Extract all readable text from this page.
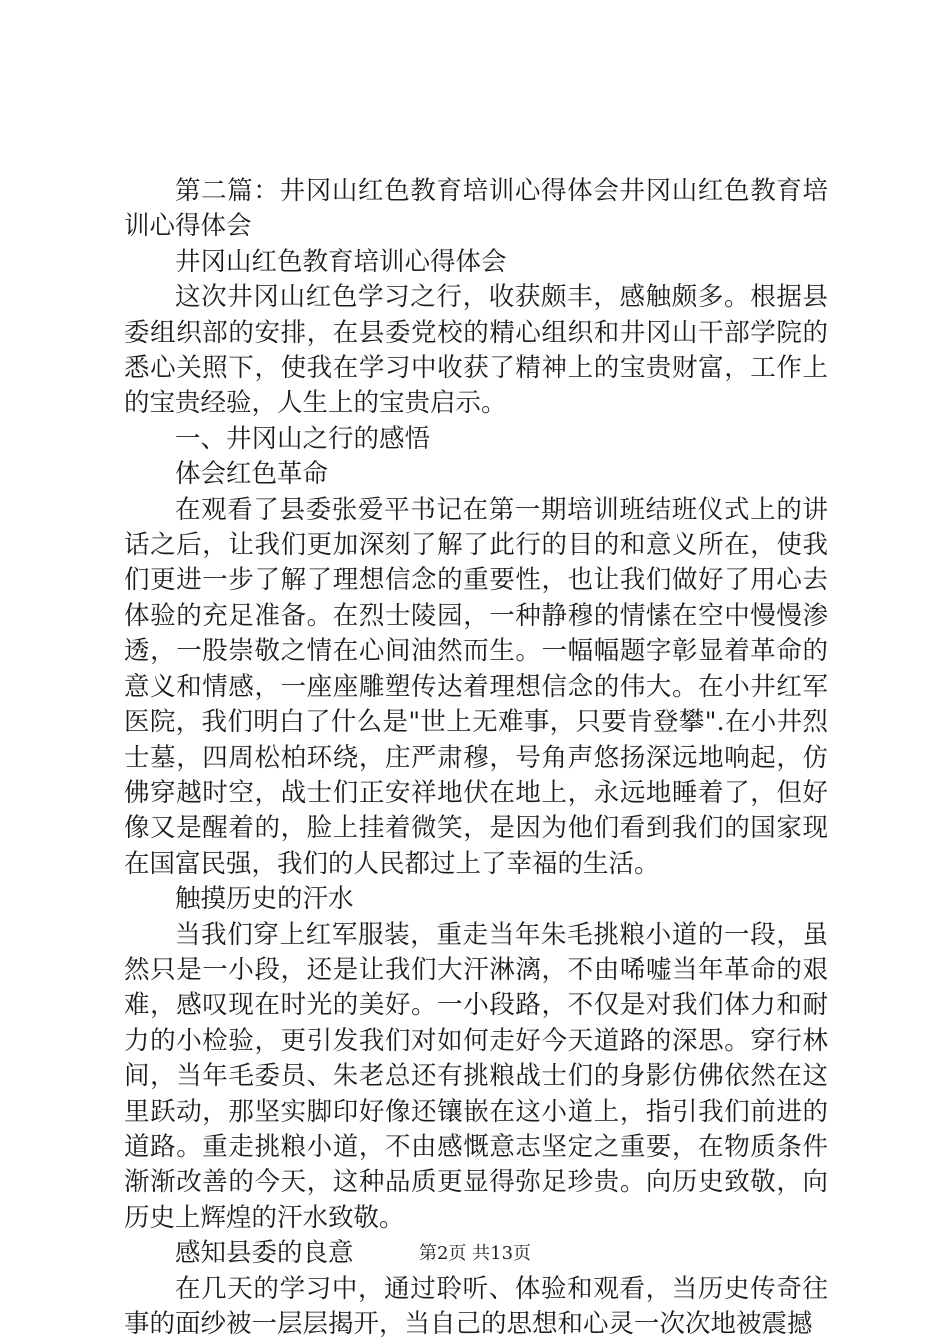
第二篇：井冈山红色教育培训心得体会井冈山红色教育培训心得体会

井冈山红色教育培训心得体会

这次井冈山红色学习之行，收获颇丰，感触颇多。根据县委组织部的安排，在县委党校的精心组织和井冈山干部学院的悉心关照下，使我在学习中收获了精神上的宝贵财富，工作上的宝贵经验，人生上的宝贵启示。

一、井冈山之行的感悟

体会红色革命

在观看了县委张爱平书记在第一期培训班结班仪式上的讲话之后，让我们更加深刻了解了此行的目的和意义所在，使我们更进一步了解了理想信念的重要性，也让我们做好了用心去体验的充足准备。在烈士陵园，一种静穆的情愫在空中慢慢渗透，一股崇敬之情在心间油然而生。一幅幅题字彰显着革命的意义和情感，一座座雕塑传达着理想信念的伟大。在小井红军医院，我们明白了什么是"世上无难事，只要肯登攀".在小井烈士墓，四周松柏环绕，庄严肃穆，号角声悠扬深远地响起，仿佛穿越时空，战士们正安祥地伏在地上，永远地睡着了，但好像又是醒着的，脸上挂着微笑，是因为他们看到我们的国家现在国富民强，我们的人民都过上了幸福的生活。

触摸历史的汗水

当我们穿上红军服装，重走当年朱毛挑粮小道的一段，虽然只是一小段，还是让我们大汗淋漓，不由唏嘘当年革命的艰难，感叹现在时光的美好。一小段路，不仅是对我们体力和耐力的小检验，更引发我们对如何走好今天道路的深思。穿行林间，当年毛委员、朱老总还有挑粮战士们的身影仿佛依然在这里跃动，那坚实脚印好像还镶嵌在这小道上，指引我们前进的道路。重走挑粮小道，不由感慨意志坚定之重要，在物质条件渐渐改善的今天，这种品质更显得弥足珍贵。向历史致敬，向历史上辉煌的汗水致敬。

感知县委的良意

在几天的学习中，通过聆听、体验和观看，当历史传奇往事的面纱被一层层揭开，当自己的思想和心灵一次次地被震撼

第2页 共13页
